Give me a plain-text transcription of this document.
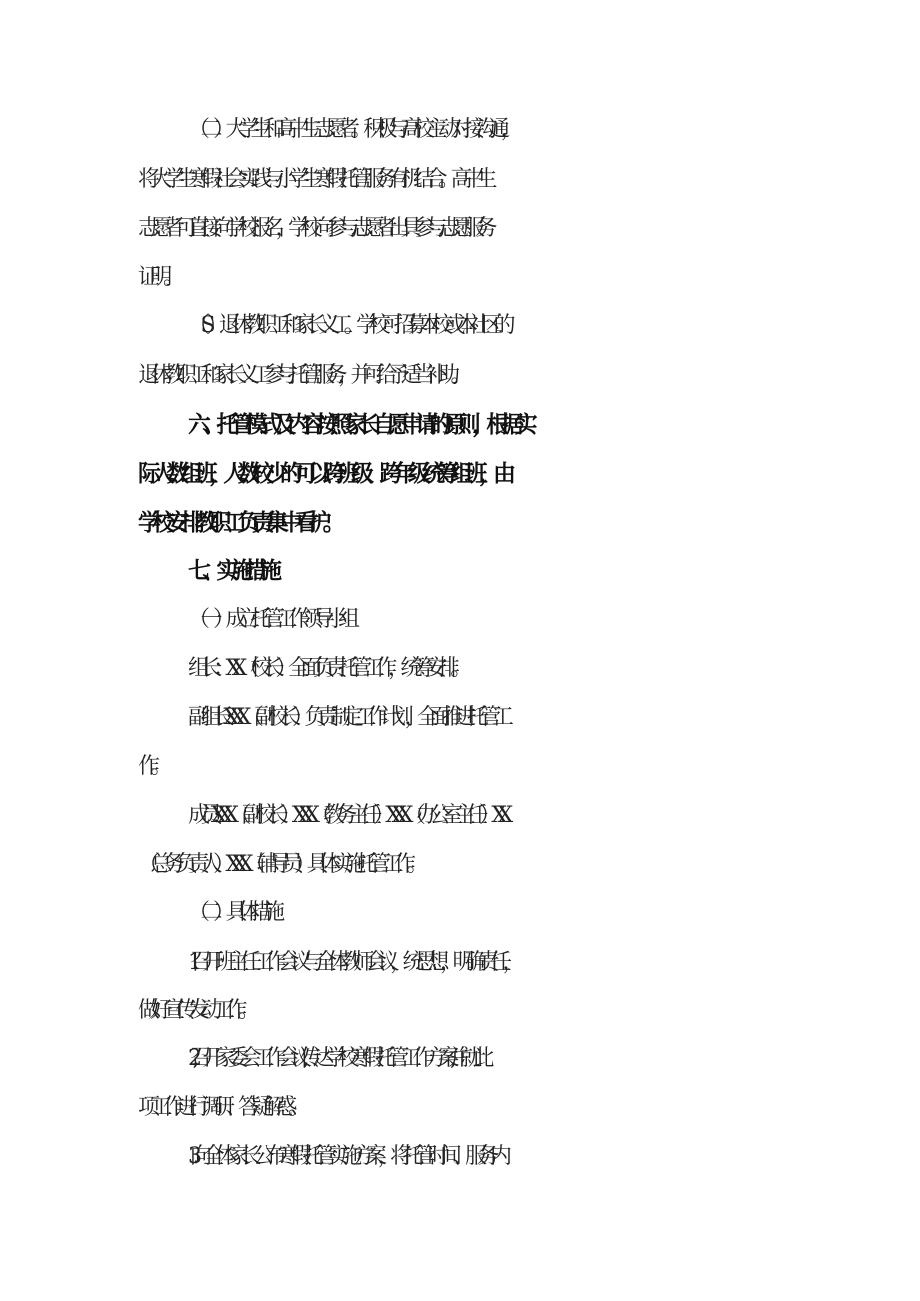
（二）大学生和高中生志愿者。积极与高校主动对接沟通，
将大学生寒假社会实践与小学生寒假托管服务有机结合。高中生
志愿者可直接向学校报名，学校向参与志愿者出具参与志愿服务
证明。
（S）退休教职工和家长义工。学校可招募本校或本社区的
退休教职工和家长义工参与托管服务，并可给予适当补助。
六、托管模式及内容按照家长自愿申请的原则，根据实
际人数组班，人数较少的可以跨班级、跨年级统筹组班，由
学校安排教职工负责集中看护。
七、实施措施
（一）成立托管工作领导小组
组长：XX（校长）全面负责托管工作，统筹安排。
副组长:XXX（副校长）负责制定工作计划，全面推进托管工
作。
成员:XXX（副校长）XXX（教务主任）XXX（办公室主任）XX
（总务负责人）XXX（辅导员）具体实施托管工作。
（二）具体措施
1.召开班主任工作会议与全体教师会议，统思想，明确责任，
做好宣传发动工作。
2,召开家委会工作会议,传达学校寒假托管工作方案,并就此
项工作进行调研、答疑解惑。
3.向全体家长公布寒假托管实施方案，将托管时间、服务内
